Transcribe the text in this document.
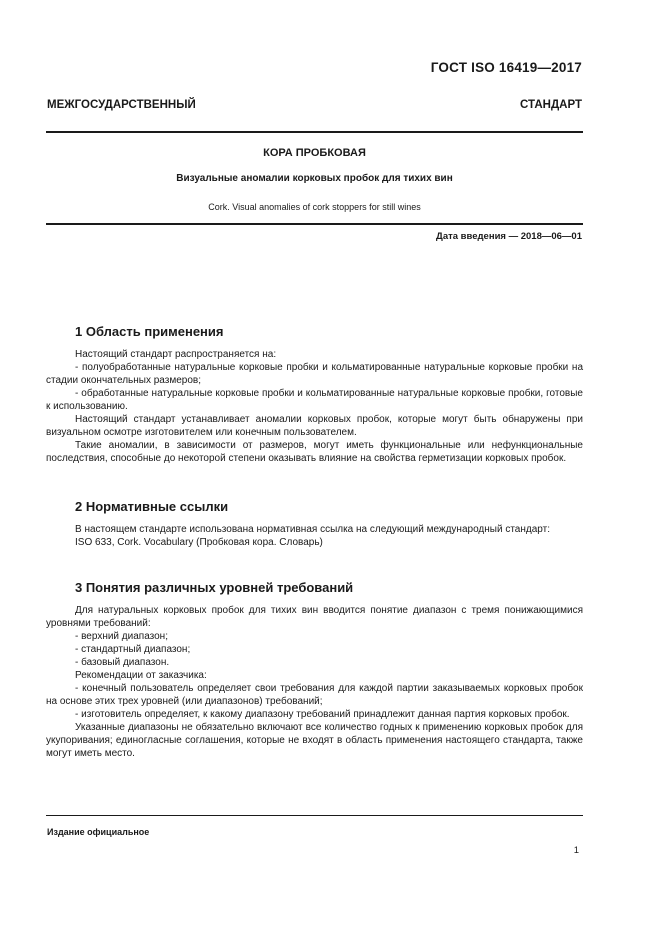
ГОСТ ISO 16419—2017
МЕЖГОСУДАРСТВЕННЫЙ СТАНДАРТ
КОРА ПРОБКОВАЯ
Визуальные аномалии корковых пробок для тихих вин
Cork. Visual anomalies of cork stoppers for still wines
Дата введения — 2018—06—01
1 Область применения

Настоящий стандарт распространяется на:

- полуобработанные натуральные корковые пробки и кольматированные натуральные корковые пробки на стадии окончательных размеров;

- обработанные натуральные корковые пробки и кольматированные натуральные корковые пробки, готовые к использованию.

Настоящий стандарт устанавливает аномалии корковых пробок, которые могут быть обнаружены при визуальном осмотре изготовителем или конечным пользователем.

Такие аномалии, в зависимости от размеров, могут иметь функциональные или нефункциональные последствия, способные до некоторой степени оказывать влияние на свойства герметизации корковых пробок.

2 Нормативные ссылки

В настоящем стандарте использована нормативная ссылка на следующий международный стандарт:

ISO 633, Cork. Vocabulary (Пробковая кора. Словарь)

3 Понятия различных уровней требований

Для натуральных корковых пробок для тихих вин вводится понятие диапазон с тремя понижающимися уровнями требований:

- верхний диапазон;

- стандартный диапазон;

- базовый диапазон.

Рекомендации от заказчика:

- конечный пользователь определяет свои требования для каждой партии заказываемых корковых пробок на основе этих трех уровней (или диапазонов) требований;

- изготовитель определяет, к какому диапазону требований принадлежит данная партия корковых пробок.

Указанные диапазоны не обязательно включают все количество годных к применению корковых пробок для укупоривания; единогласные соглашения, которые не входят в область применения настоящего стандарта, также могут иметь место.

Издание официальное
1
